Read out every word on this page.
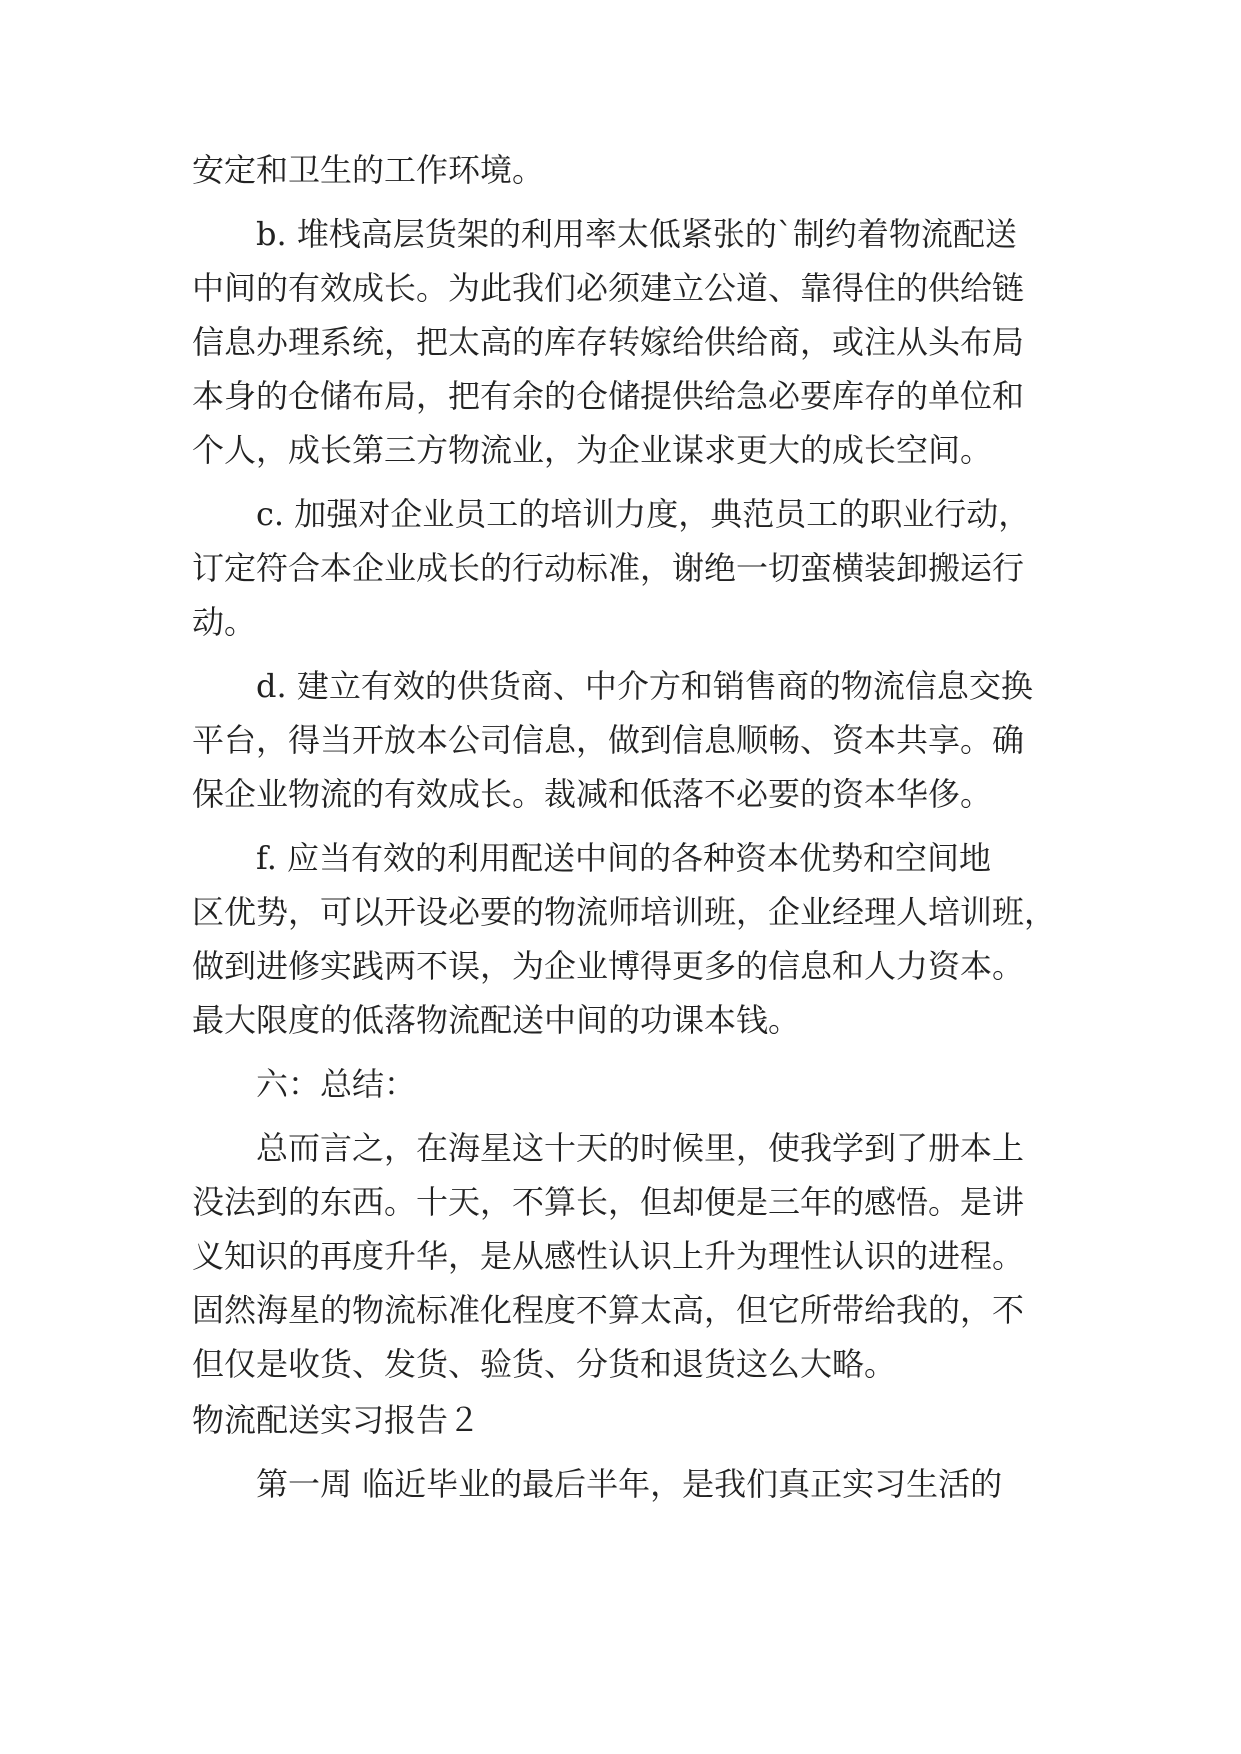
安定和卫生的工作环境。

b. 堆栈高层货架的利用率太低紧张的`制约着物流配送

中间的有效成长。为此我们必须建立公道、靠得住的供给链

信息办理系统，把太高的库存转嫁给供给商，或注从头布局

本身的仓储布局，把有余的仓储提供给急必要库存的单位和

个人，成长第三方物流业，为企业谋求更大的成长空间。

c. 加强对企业员工的培训力度，典范员工的职业行动，

订定符合本企业成长的行动标准，谢绝一切蛮横装卸搬运行

动。

d. 建立有效的供货商、中介方和销售商的物流信息交换

平台，得当开放本公司信息，做到信息顺畅、资本共享。确

保企业物流的有效成长。裁减和低落不必要的资本华侈。

f. 应当有效的利用配送中间的各种资本优势和空间地

区优势，可以开设必要的物流师培训班，企业经理人培训班，

做到进修实践两不误，为企业博得更多的信息和人力资本。

最大限度的低落物流配送中间的功课本钱。

六：总结：

总而言之，在海星这十天的时候里，使我学到了册本上

没法到的东西。十天，不算长，但却便是三年的感悟。是讲

义知识的再度升华，是从感性认识上升为理性认识的进程。

固然海星的物流标准化程度不算太高，但它所带给我的，不

但仅是收货、发货、验货、分货和退货这么大略。

物流配送实习报告２

第一周 临近毕业的最后半年，是我们真正实习生活的
